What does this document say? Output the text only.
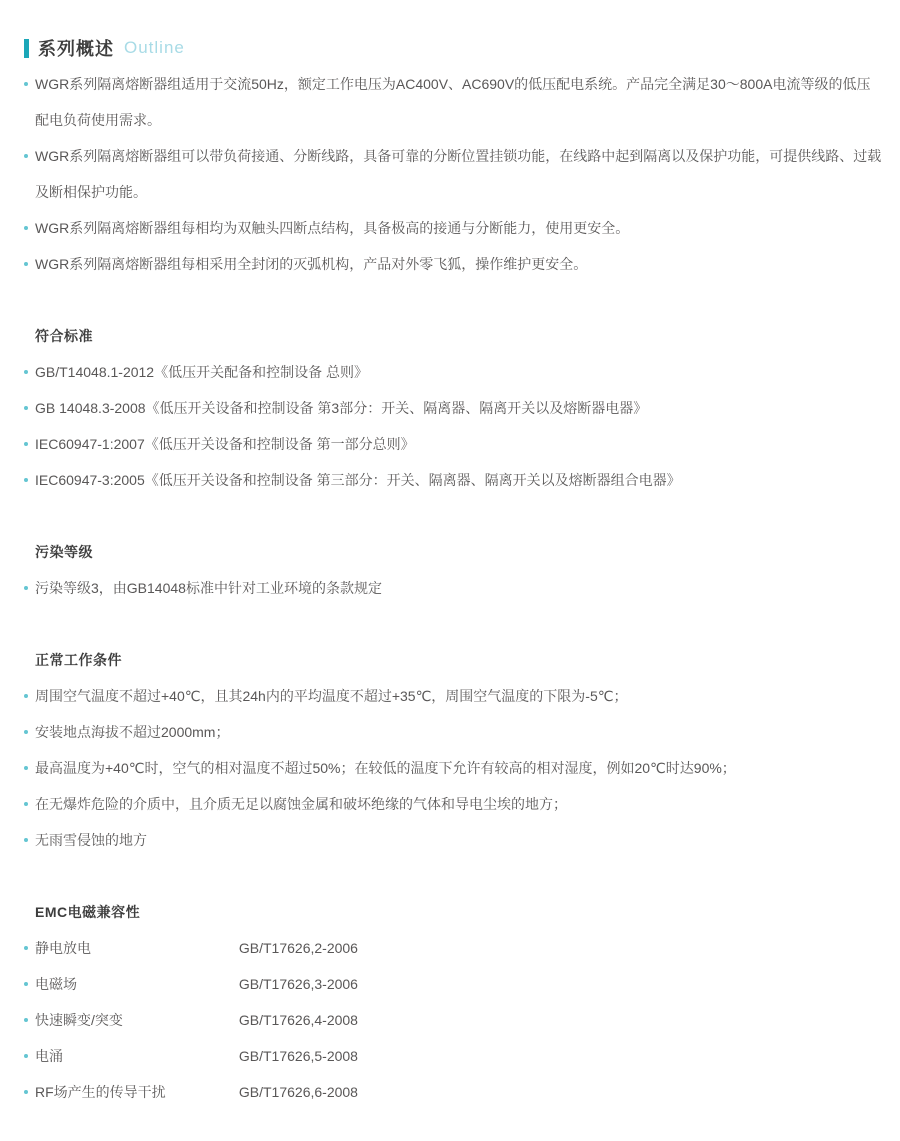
系列概述 Outline
WGR系列隔离熔断器组适用于交流50Hz，额定工作电压为AC400V、AC690V的低压配电系统。产品完全满足30～800A电流等级的低压配电负荷使用需求。
WGR系列隔离熔断器组可以带负荷接通、分断线路，具备可靠的分断位置挂锁功能，在线路中起到隔离以及保护功能，可提供线路、过载及断相保护功能。
WGR系列隔离熔断器组每相均为双触头四断点结构，具备极高的接通与分断能力，使用更安全。
WGR系列隔离熔断器组每相采用全封闭的灭弧机构，产品对外零飞狐，操作维护更安全。
符合标准
GB/T14048.1-2012《低压开关配备和控制设备 总则》
GB 14048.3-2008《低压开关设备和控制设备 第3部分：开关、隔离器、隔离开关以及熔断器电器》
IEC60947-1:2007《低压开关设备和控制设备 第一部分总则》
IEC60947-3:2005《低压开关设备和控制设备 第三部分：开关、隔离器、隔离开关以及熔断器组合电器》
污染等级
污染等级3，由GB14048标准中针对工业环境的条款规定
正常工作条件
周围空气温度不超过+40℃，且其24h内的平均温度不超过+35℃，周围空气温度的下限为-5℃；
安装地点海拔不超过2000mm；
最高温度为+40℃时，空气的相对温度不超过50%；在较低的温度下允许有较高的相对湿度，例如20℃时达90%；
在无爆炸危险的介质中，且介质无足以腐蚀金属和破坏绝缘的气体和导电尘埃的地方；
无雨雪侵蚀的地方
EMC电磁兼容性
静电放电	GB/T17626,2-2006
电磁场	GB/T17626,3-2006
快速瞬变/突变	GB/T17626,4-2008
电涌	GB/T17626,5-2008
RF场产生的传导干扰	GB/T17626,6-2008
